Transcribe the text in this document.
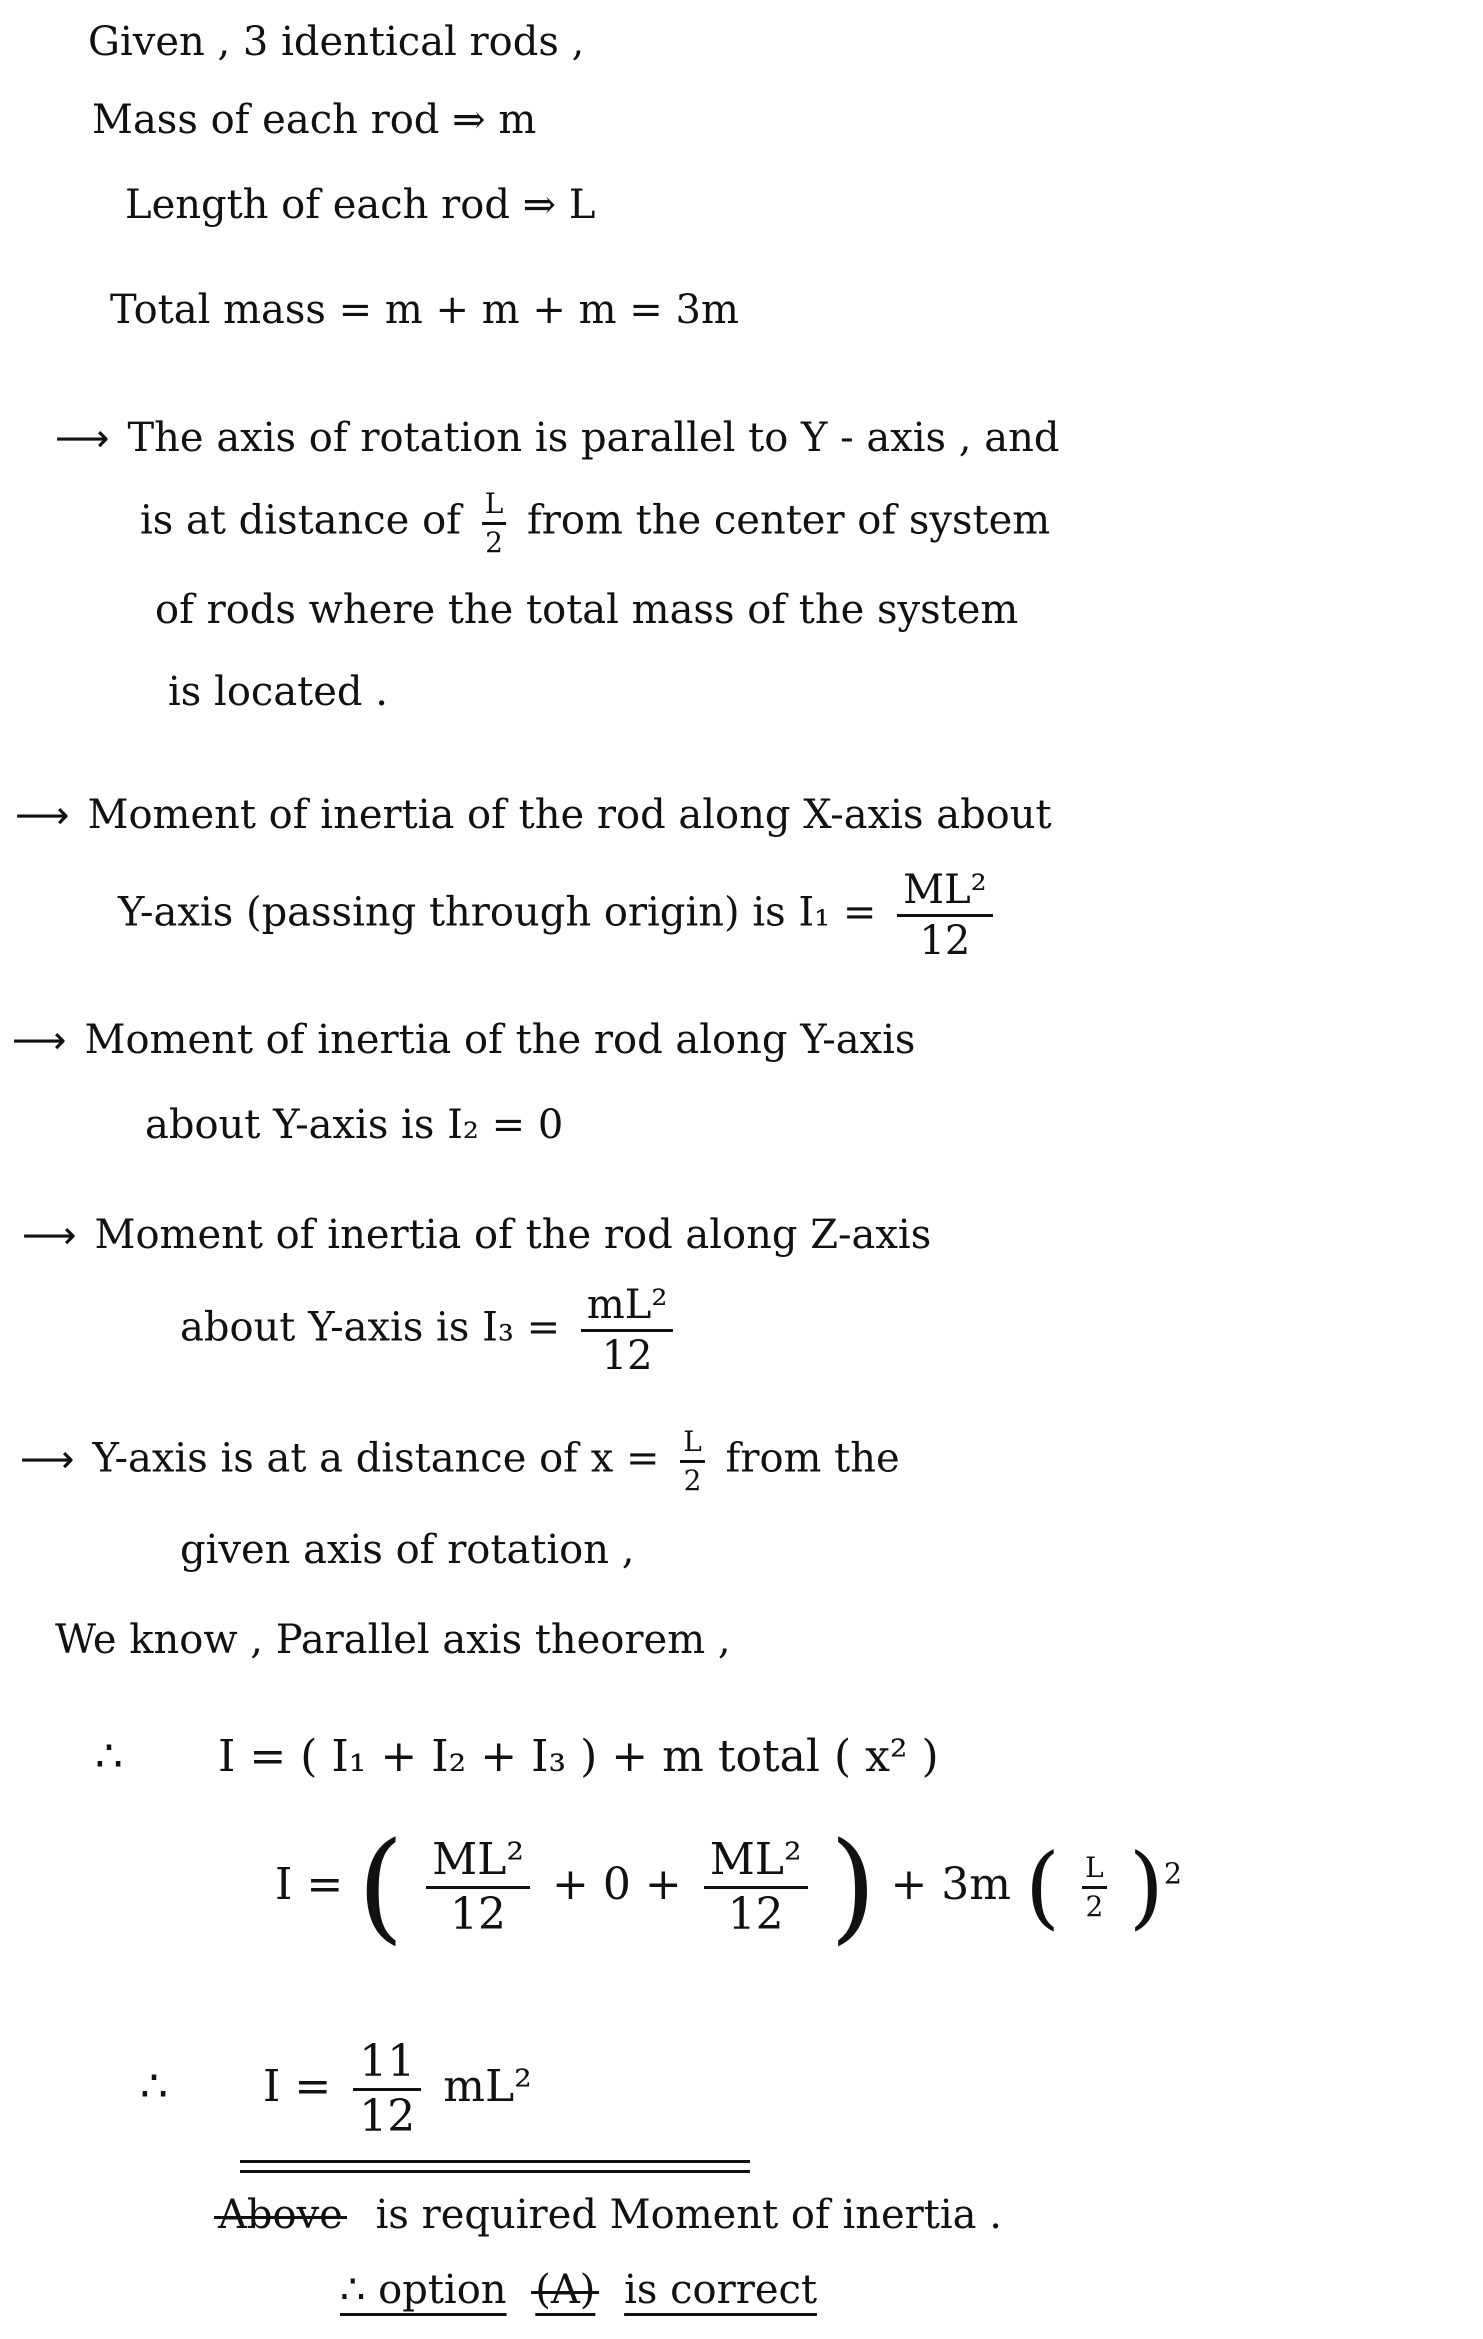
Given , 3 identical rods ,
Mass of each rod ⇒ m
Length of each rod ⇒ L
Total mass = m + m + m = 3m
⟶ The axis of rotation is parallel to Y - axis , and
is at distance of $\frac{L}{2}$ from the center of system
of rods where the total mass of the system
is located .
⟶ Moment of inertia of the rod along X-axis about
Y-axis (passing through origin) is $I_1 = \frac{\text{ML²}}{12}$
⟶ Moment of inertia of the rod along Y-axis
about Y-axis is I₂ = 0
⟶ Moment of inertia of the rod along Z-axis
about Y-axis is $I_3 = \frac{\text{mL²}}{12}$
⟶ Y-axis is at a distance of $x = \frac{L}{2}$ from the
given axis of rotation ,
We know , Parallel axis theorem ,
∴ I = ( I₁ + I₂ + I₃ ) + m total ( x² )
I = ( $\frac{\text{ML²}}{12} + 0 + \frac{\text{ML²}}{12}$ ) + 3m ( $\frac{L}{2} )^2$
∴ $I = \frac{11}{12} mL^2$
Above is required Moment of inertia .
∴ option (A) is correct
